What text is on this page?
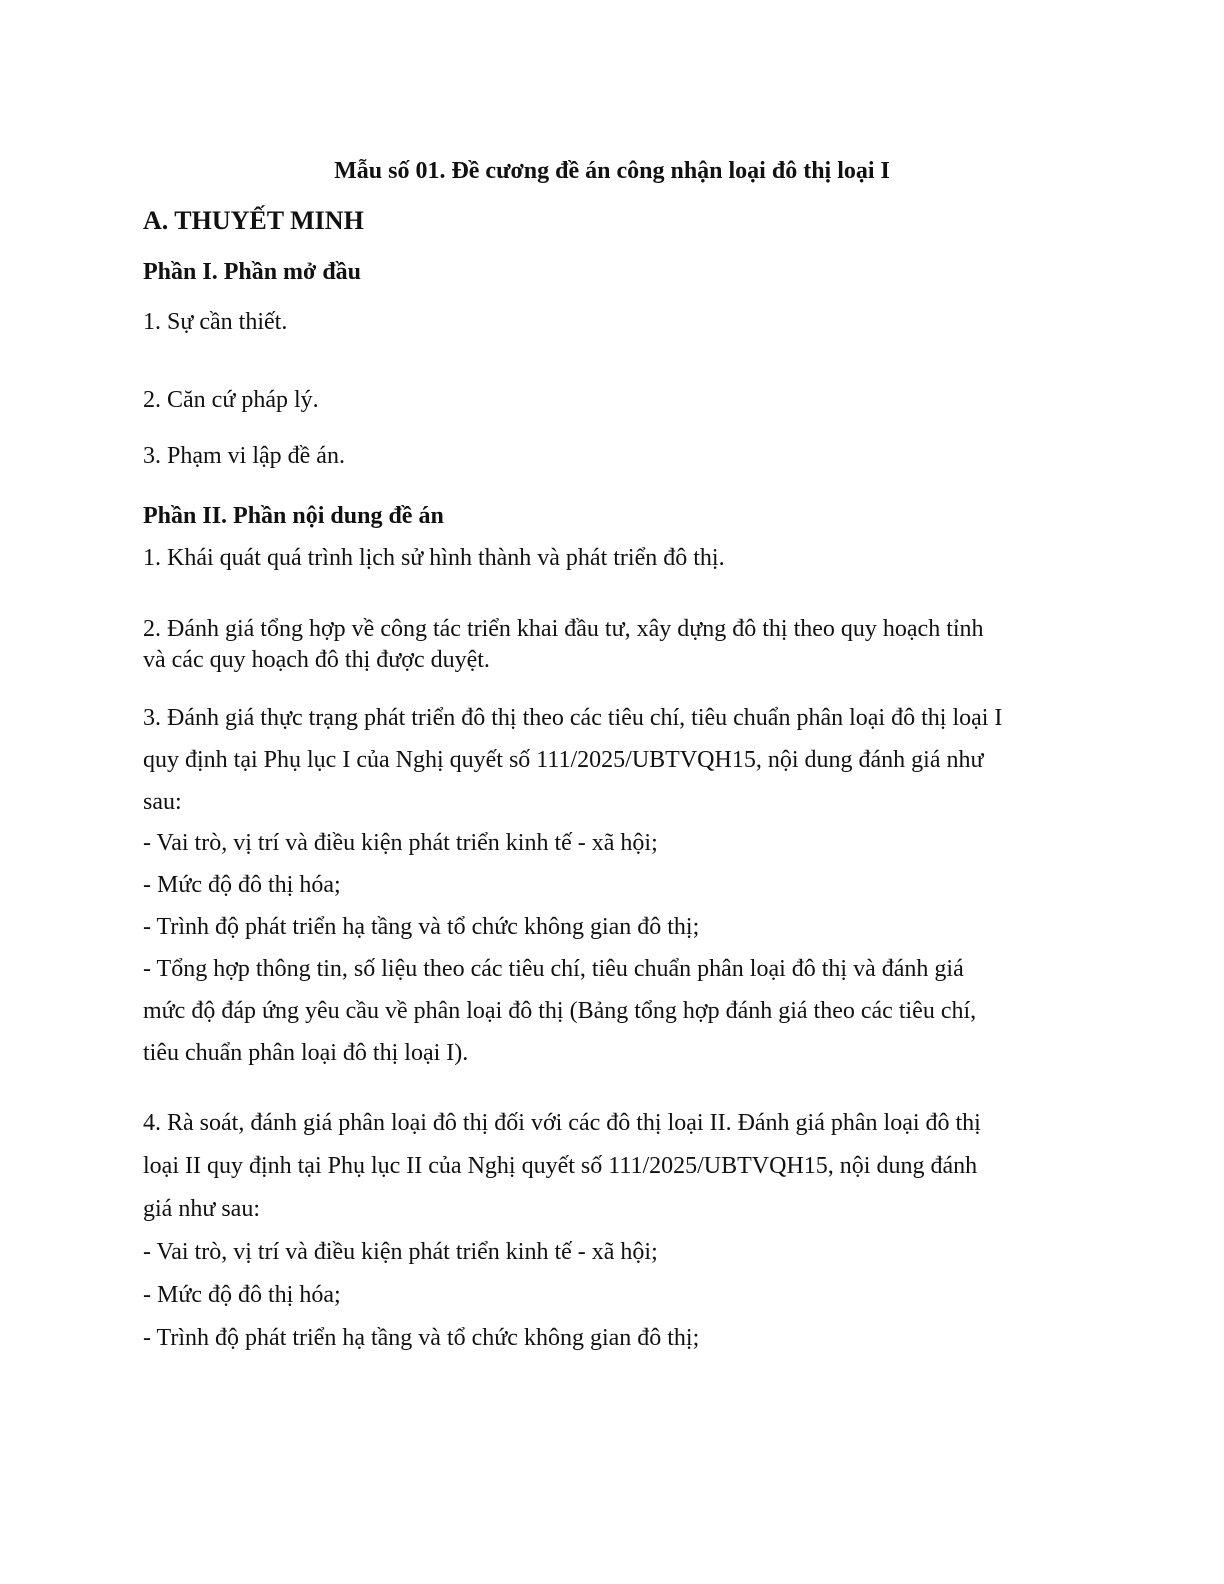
Mẫu số 01. Đề cương đề án công nhận loại đô thị loại I

A. THUYẾT MINH

Phần I. Phần mở đầu

1. Sự cần thiết.

2. Căn cứ pháp lý.

3. Phạm vi lập đề án.

Phần II. Phần nội dung đề án

1. Khái quát quá trình lịch sử hình thành và phát triển đô thị.

2. Đánh giá tổng hợp về công tác triển khai đầu tư, xây dựng đô thị theo quy hoạch tỉnh

và các quy hoạch đô thị được duyệt.

3. Đánh giá thực trạng phát triển đô thị theo các tiêu chí, tiêu chuẩn phân loại đô thị loại I

quy định tại Phụ lục I của Nghị quyết số 111/2025/UBTVQH15, nội dung đánh giá như

sau:

- Vai trò, vị trí và điều kiện phát triển kinh tế - xã hội;

- Mức độ đô thị hóa;

- Trình độ phát triển hạ tầng và tổ chức không gian đô thị;

- Tổng hợp thông tin, số liệu theo các tiêu chí, tiêu chuẩn phân loại đô thị và đánh giá

mức độ đáp ứng yêu cầu về phân loại đô thị (Bảng tổng hợp đánh giá theo các tiêu chí,

tiêu chuẩn phân loại đô thị loại I).

4. Rà soát, đánh giá phân loại đô thị đối với các đô thị loại II. Đánh giá phân loại đô thị

loại II quy định tại Phụ lục II của Nghị quyết số 111/2025/UBTVQH15, nội dung đánh

giá như sau:

- Vai trò, vị trí và điều kiện phát triển kinh tế - xã hội;

- Mức độ đô thị hóa;

- Trình độ phát triển hạ tầng và tổ chức không gian đô thị;
